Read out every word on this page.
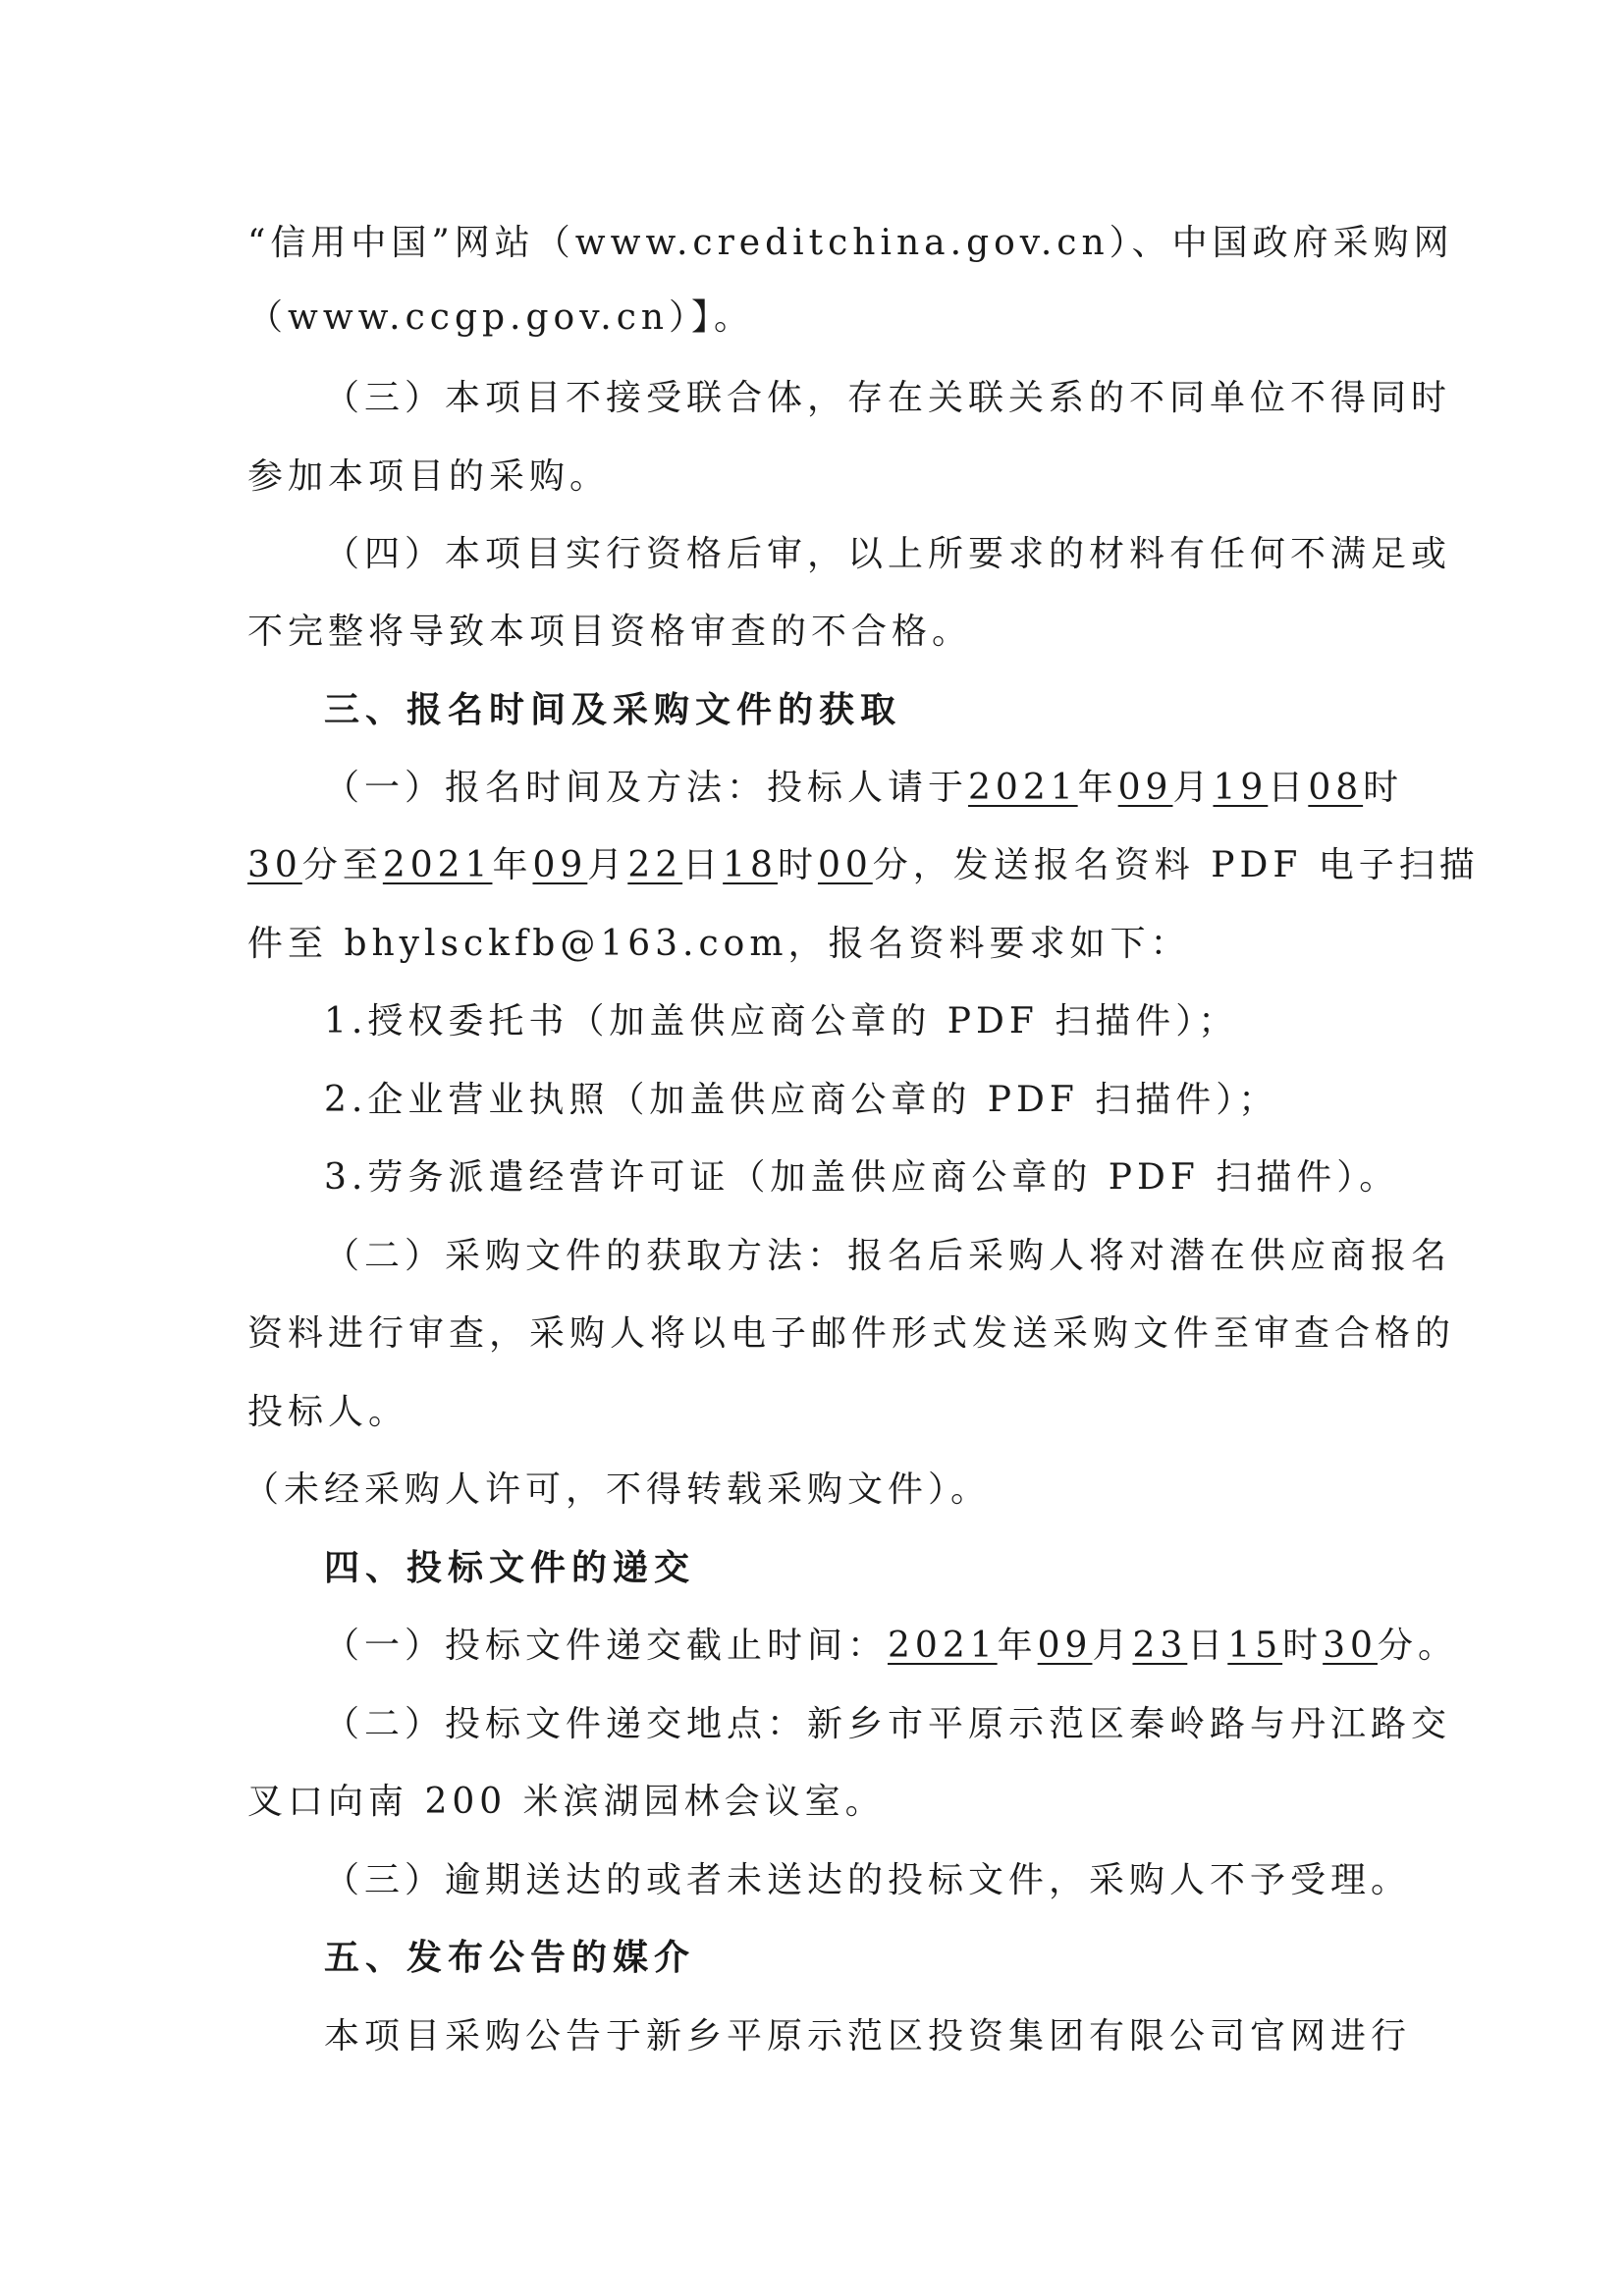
“信用中国”网站（www.creditchina.gov.cn）、中国政府采购网
（www.ccgp.gov.cn）】。
（三）本项目不接受联合体，存在关联关系的不同单位不得同时
参加本项目的采购。
（四）本项目实行资格后审，以上所要求的材料有任何不满足或
不完整将导致本项目资格审查的不合格。
三、报名时间及采购文件的获取
（一）报名时间及方法：投标人请于2021年09月19日08时
30分至2021年09月22日18时00分，发送报名资料 PDF 电子扫描
件至 bhylsckfb@163.com，报名资料要求如下：
1.授权委托书（加盖供应商公章的 PDF 扫描件）；
2.企业营业执照（加盖供应商公章的 PDF 扫描件）；
3.劳务派遣经营许可证（加盖供应商公章的 PDF 扫描件）。
（二）采购文件的获取方法：报名后采购人将对潜在供应商报名
资料进行审查，采购人将以电子邮件形式发送采购文件至审查合格的
投标人。
（未经采购人许可，不得转载采购文件）。
四、投标文件的递交
（一）投标文件递交截止时间：2021年09月23日15时30分。
（二）投标文件递交地点：新乡市平原示范区秦岭路与丹江路交
叉口向南 200 米滨湖园林会议室。
（三）逾期送达的或者未送达的投标文件，采购人不予受理。
五、发布公告的媒介
本项目采购公告于新乡平原示范区投资集团有限公司官网进行
